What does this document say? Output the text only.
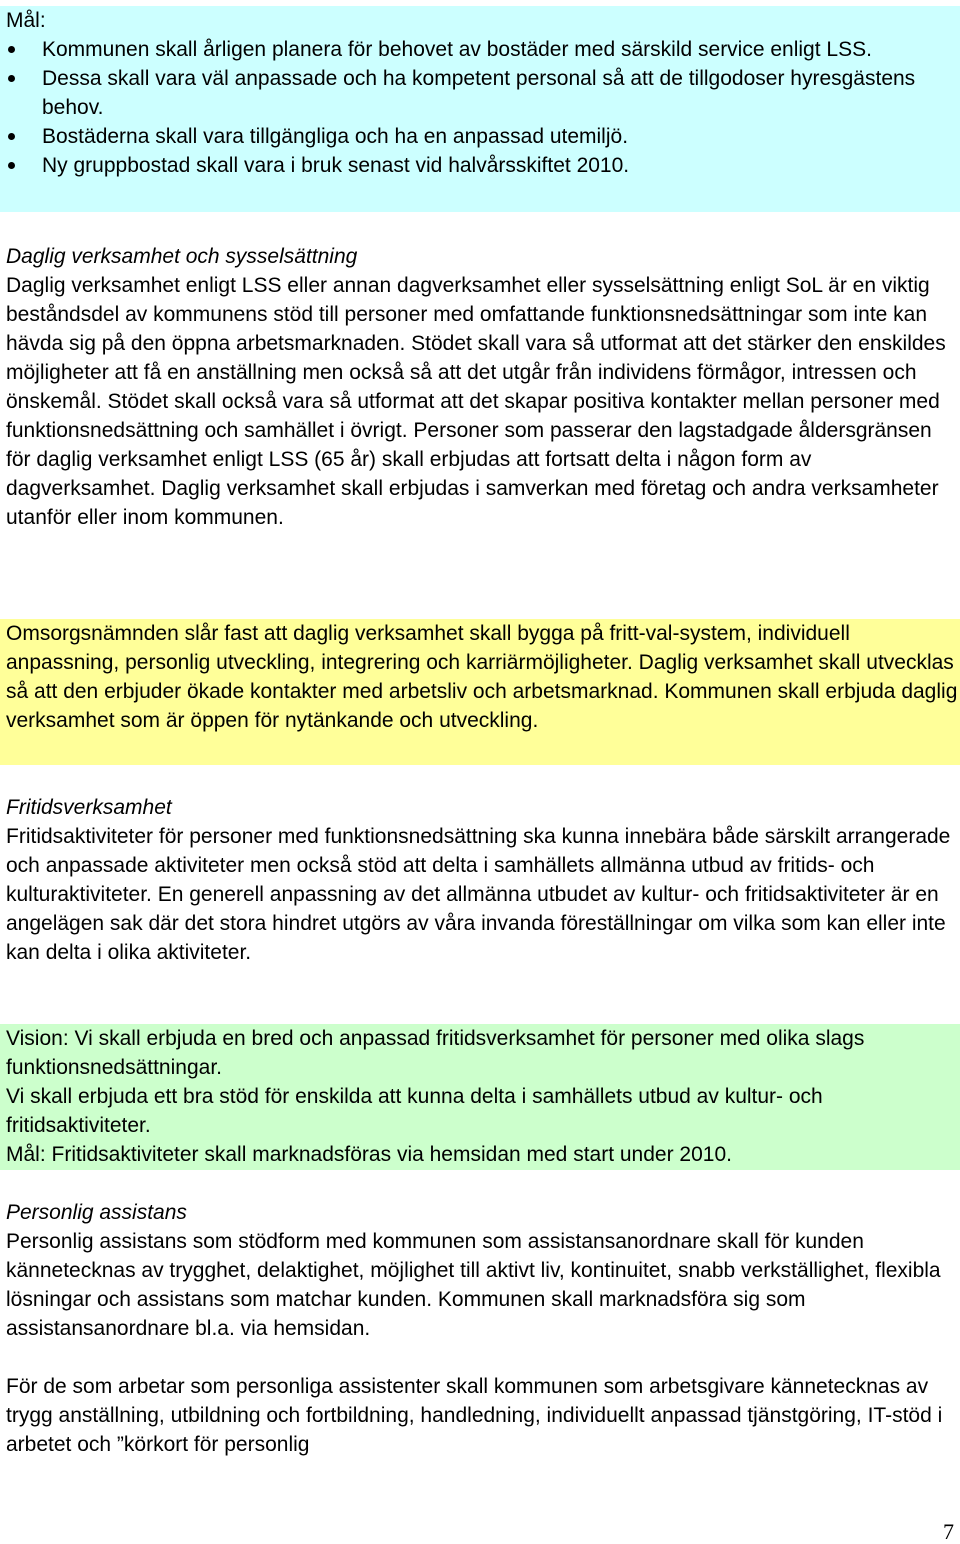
Mål:

Kommunen skall årligen planera för behovet av bostäder med särskild service enligt LSS.
Dessa skall vara väl anpassade och ha kompetent personal så att de tillgodoser hyresgästens behov.
Bostäderna skall vara tillgängliga och ha en anpassad utemiljö.
Ny gruppbostad skall vara i bruk senast vid halvårsskiftet 2010.

Daglig verksamhet och sysselsättning

Daglig verksamhet enligt LSS eller annan dagverksamhet eller sysselsättning enligt SoL är en viktig beståndsdel av kommunens stöd till personer med omfattande funktionsnedsättningar som inte kan hävda sig på den öppna arbetsmarknaden. Stödet skall vara så utformat att det stärker den enskildes möjligheter att få en anställning men också så att det utgår från individens förmågor, intressen och önskemål. Stödet skall också vara så utformat att det skapar positiva kontakter mellan personer med funktionsnedsättning och samhället i övrigt. Personer som passerar den lagstadgade åldersgränsen för daglig verksamhet enligt LSS (65 år) skall erbjudas att fortsatt delta i någon form av dagverksamhet. Daglig verksamhet skall erbjudas i samverkan med företag och andra verksamheter utanför eller inom kommunen.

Omsorgsnämnden slår fast att daglig verksamhet skall bygga på fritt-val-system, individuell anpassning, personlig utveckling, integrering och karriärmöjligheter. Daglig verksamhet skall utvecklas så att den erbjuder ökade kontakter med arbetsliv och arbetsmarknad. Kommunen skall erbjuda daglig verksamhet som är öppen för nytänkande och utveckling.

Fritidsverksamhet

Fritidsaktiviteter för personer med funktionsnedsättning ska kunna innebära både särskilt arrangerade och anpassade aktiviteter men också stöd att delta i samhällets allmänna utbud av fritids- och kulturaktiviteter. En generell anpassning av det allmänna utbudet av kultur- och fritidsaktiviteter är en angelägen sak där det stora hindret utgörs av våra invanda föreställningar om vilka som kan eller inte kan delta i olika aktiviteter.

Vision: Vi skall erbjuda en bred och anpassad fritidsverksamhet för personer med olika slags funktionsnedsättningar.

Vi skall erbjuda ett bra stöd för enskilda att kunna delta i samhällets utbud av kultur- och fritidsaktiviteter.

Mål: Fritidsaktiviteter skall marknadsföras via hemsidan med start under 2010.

Personlig assistans

Personlig assistans som stödform med kommunen som assistansanordnare skall för kunden kännetecknas av trygghet, delaktighet, möjlighet till aktivt liv, kontinuitet, snabb verkställighet, flexibla lösningar och assistans som matchar kunden. Kommunen skall marknadsföra sig som assistansanordnare bl.a. via hemsidan.

För de som arbetar som personliga assistenter skall kommunen som arbetsgivare kännetecknas av trygg anställning, utbildning och fortbildning, handledning, individuellt anpassad tjänstgöring, IT-stöd i arbetet och ”körkort för personlig

7
